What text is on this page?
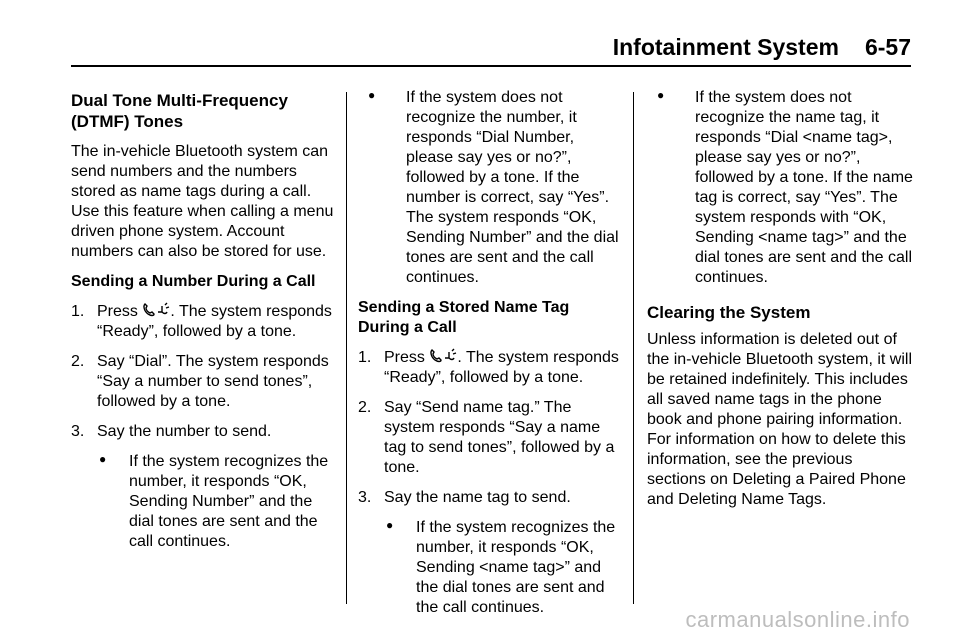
Infotainment System 6-57
Dual Tone Multi-Frequency (DTMF) Tones

The in-vehicle Bluetooth system can send numbers and the numbers stored as name tags during a call. Use this feature when calling a menu driven phone system. Account numbers can also be stored for use.

Sending a Number During a Call

1. Press . The system responds “Ready”, followed by a tone.
2. Say “Dial”. The system responds “Say a number to send tones”, followed by a tone.
3. Say the number to send.
●	If the system recognizes the number, it responds “OK, Sending Number” and the dial tones are sent and the call continues.
●	If the system does not recognize the number, it responds “Dial Number, please say yes or no?”, followed by a tone. If the number is correct, say “Yes”. The system responds “OK, Sending Number” and the dial tones are sent and the call continues.

Sending a Stored Name Tag During a Call

1. Press . The system responds “Ready”, followed by a tone.
2. Say “Send name tag.” The system responds “Say a name tag to send tones”, followed by a tone.
3. Say the name tag to send.
●	If the system recognizes the number, it responds “OK, Sending <name tag>” and the dial tones are sent and the call continues.
●	If the system does not recognize the name tag, it responds “Dial <name tag>, please say yes or no?”, followed by a tone. If the name tag is correct, say “Yes”. The system responds with “OK, Sending <name tag>” and the dial tones are sent and the call continues.
Clearing the System

Unless information is deleted out of the in-vehicle Bluetooth system, it will be retained indefinitely. This includes all saved name tags in the phone book and phone pairing information. For information on how to delete this information, see the previous sections on Deleting a Paired Phone and Deleting Name Tags.

carmanualsonline.info
